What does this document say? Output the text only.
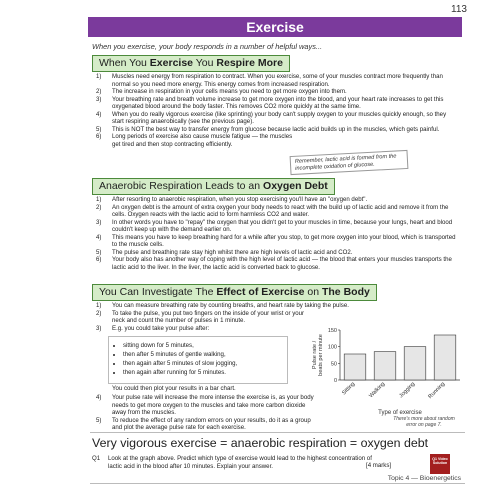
113
Exercise
When you exercise, your body responds in a number of helpful ways...
When You Exercise You Respire More
1) Muscles need energy from respiration to contract. When you exercise, some of your muscles contract more frequently than normal so you need more energy. This energy comes from increased respiration.
2) The increase in respiration in your cells means you need to get more oxygen into them.
3) Your breathing rate and breath volume increase to get more oxygen into the blood, and your heart rate increases to get this oxygenated blood around the body faster. This removes CO2 more quickly at the same time.
4) When you do really vigorous exercise (like sprinting) your body can't supply oxygen to your muscles quickly enough, so they start respiring anaerobically (see the previous page).
5) This is NOT the best way to transfer energy from glucose because lactic acid builds up in the muscles, which gets painful.
6) Long periods of exercise also cause muscle fatigue — the muscles get tired and then stop contracting efficiently.
Remember, lactic acid is formed from the incomplete oxidation of glucose.
Anaerobic Respiration Leads to an Oxygen Debt
1) After resorting to anaerobic respiration, when you stop exercising you'll have an "oxygen debt".
2) An oxygen debt is the amount of extra oxygen your body needs to react with the build up of lactic acid and remove it from the cells. Oxygen reacts with the lactic acid to form harmless CO2 and water.
3) In other words you have to "repay" the oxygen that you didn't get to your muscles in time, because your lungs, heart and blood couldn't keep up with the demand earlier on.
4) This means you have to keep breathing hard for a while after you stop, to get more oxygen into your blood, which is transported to the muscle cells.
5) The pulse and breathing rate stay high whilst there are high levels of lactic acid and CO2.
6) Your body also has another way of coping with the high level of lactic acid — the blood that enters your muscles transports the lactic acid to the liver. In the liver, the lactic acid is converted back to glucose.
You Can Investigate The Effect of Exercise on The Body
1) You can measure breathing rate by counting breaths, and heart rate by taking the pulse.
2) To take the pulse, you put two fingers on the inside of your wrist or your neck and count the number of pulses in 1 minute.
3) E.g. you could take your pulse after:
• sitting down for 5 minutes,
• then after 5 minutes of gentle walking,
• then again after 5 minutes of slow jogging,
• then again after running for 5 minutes.
You could then plot your results in a bar chart.
4) Your pulse rate will increase the more intense the exercise is, as your body needs to get more oxygen to the muscles and take more carbon dioxide away from the muscles.
5) To reduce the effect of any random errors on your results, do it as a group and plot the average pulse rate for each exercise.
There's more about random error on page 7.
0
50
100
150
Pulse rate /beats per minute
Sitting Walking Jogging Running
Type of exercise
Very vigorous exercise = anaerobic respiration = oxygen debt
Q1 Look at the graph above. Predict which type of exercise would lead to the highest concentration of lactic acid in the blood after 10 minutes. Explain your answer.	[4 marks]
Q1 Video Solution
Topic 4 — Bioenergetics
